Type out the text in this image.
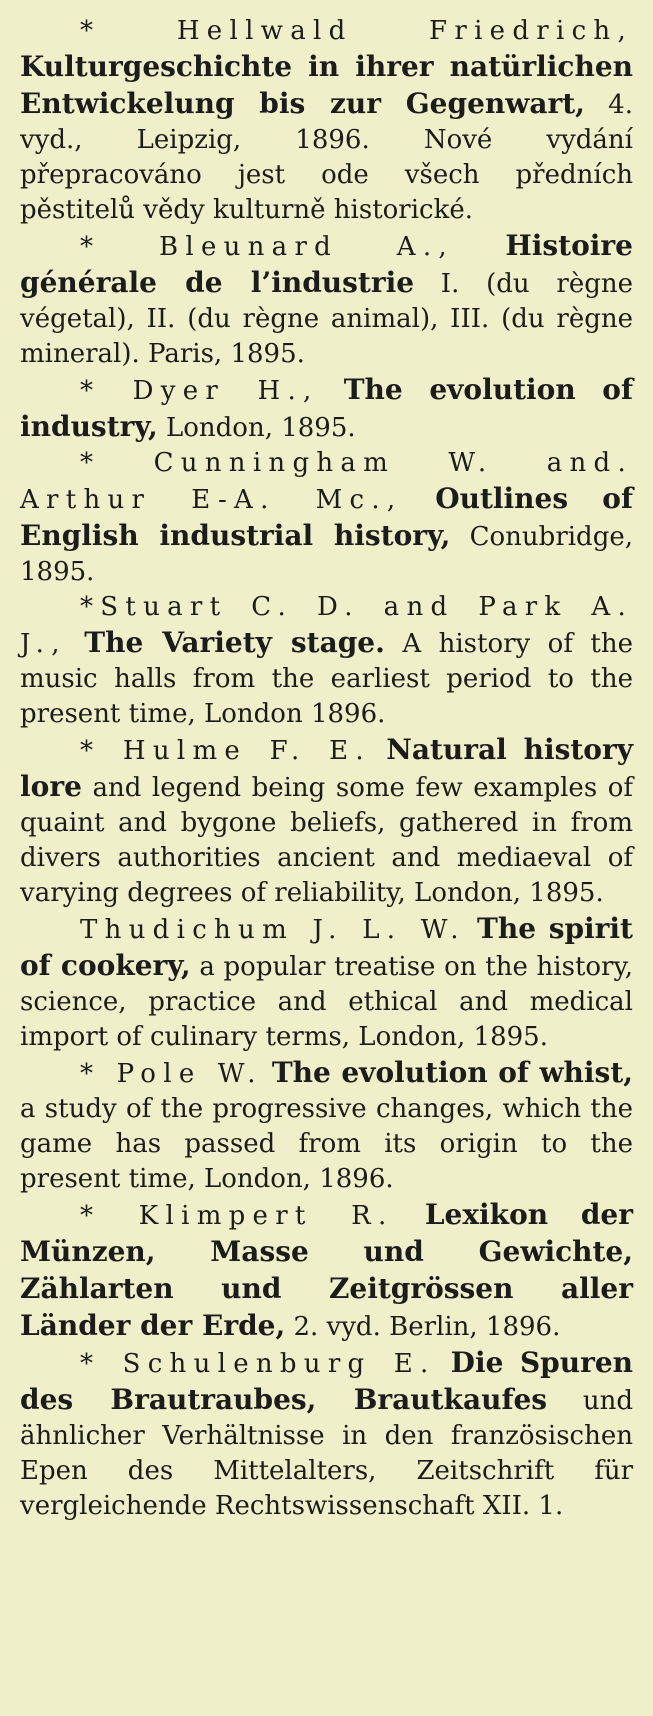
* Hellwald Friedrich, Kulturgeschichte in ihrer natürlichen Entwickelung bis zur Gegenwart, 4. vyd., Leipzig, 1896. Nové vydání přepracováno jest ode všech předních pěstitelů vědy kulturně historické.

* Bleunard A., Histoire générale de l’industrie I. (du règne végetal), II. (du règne animal), III. (du règne mineral). Paris, 1895.

* Dyer H., The evolution of industry, London, 1895.

* Cunningham W. and. Arthur E-A. Mc., Outlines of English industrial history, Conubridge, 1895.

*Stuart C. D. and Park A. J., The Variety stage. A history of the music halls from the earliest period to the present time, London 1896.

* Hulme F. E. Natural history lore and legend being some few examples of quaint and bygone beliefs, gathered in from divers authorities ancient and mediaeval of varying degrees of reliability, London, 1895.

Thudichum J. L. W. The spirit of cookery, a popular treatise on the history, science, practice and ethical and medical import of culinary terms, London, 1895.

* Pole W. The evolution of whist, a study of the progressive changes, which the game has passed from its origin to the present time, London, 1896.

* Klimpert R. Lexikon der Münzen, Masse und Gewichte, Zählarten und Zeitgrössen aller Länder der Erde, 2. vyd. Berlin, 1896.

* Schulenburg E. Die Spuren des Brautraubes, Brautkaufes und ähnlicher Verhältnisse in den französischen Epen des Mittelalters, Zeitschrift für vergleichende Rechtswissenschaft XII. 1.
